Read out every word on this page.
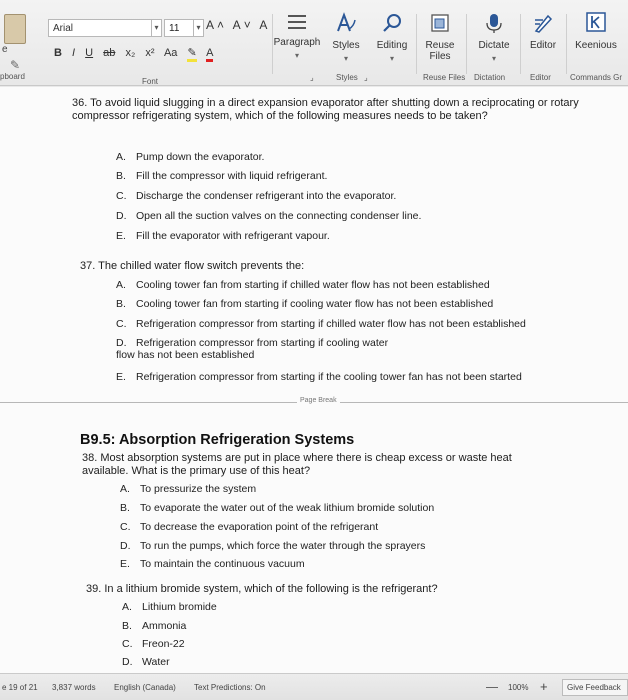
e
✎
pboard
Arial	▾	11	▾ A˄ A˅ A
B I U ab x₂ x² Aa ✎ A
Font
Paragraph
▾
Styles
▾
Editing
▾
Reuse Files
Dictate
▾
Editor	Keenious
⌟	Styles ⌟	Reuse Files Dictation	Editor Commands Gr
36. To avoid liquid slugging in a direct expansion evaporator after shutting down a reciprocating or rotary compressor refrigerating system, which of the following measures needs to be taken?
A. Pump down the evaporator.
B. Fill the compressor with liquid refrigerant.
C. Discharge the condenser refrigerant into the evaporator.
D. Open all the suction valves on the connecting condenser line.
E. Fill the evaporator with refrigerant vapour.
37. The chilled water flow switch prevents the:
A. Cooling tower fan from starting if chilled water flow has not been established
B. Cooling tower fan from starting if cooling water flow has not been established
C. Refrigeration compressor from starting if chilled water flow has not been established
D. Refrigeration compressor from starting if cooling water flow has not been established
E. Refrigeration compressor from starting if the cooling tower fan has not been started
Page Break
B9.5: Absorption Refrigeration Systems
38. Most absorption systems are put in place where there is cheap excess or waste heat available. What is the primary use of this heat?
A. To pressurize the system
B. To evaporate the water out of the weak lithium bromide solution
C. To decrease the evaporation point of the refrigerant
D. To run the pumps, which force the water through the sprayers
E. To maintain the continuous vacuum
39. In a lithium bromide system, which of the following is the refrigerant?
A. Lithium bromide
B. Ammonia
C. Freon-22
D. Water
e 19 of 21 3,837 words English (Canada) Text Predictions: On	100% +	Give Feedback
